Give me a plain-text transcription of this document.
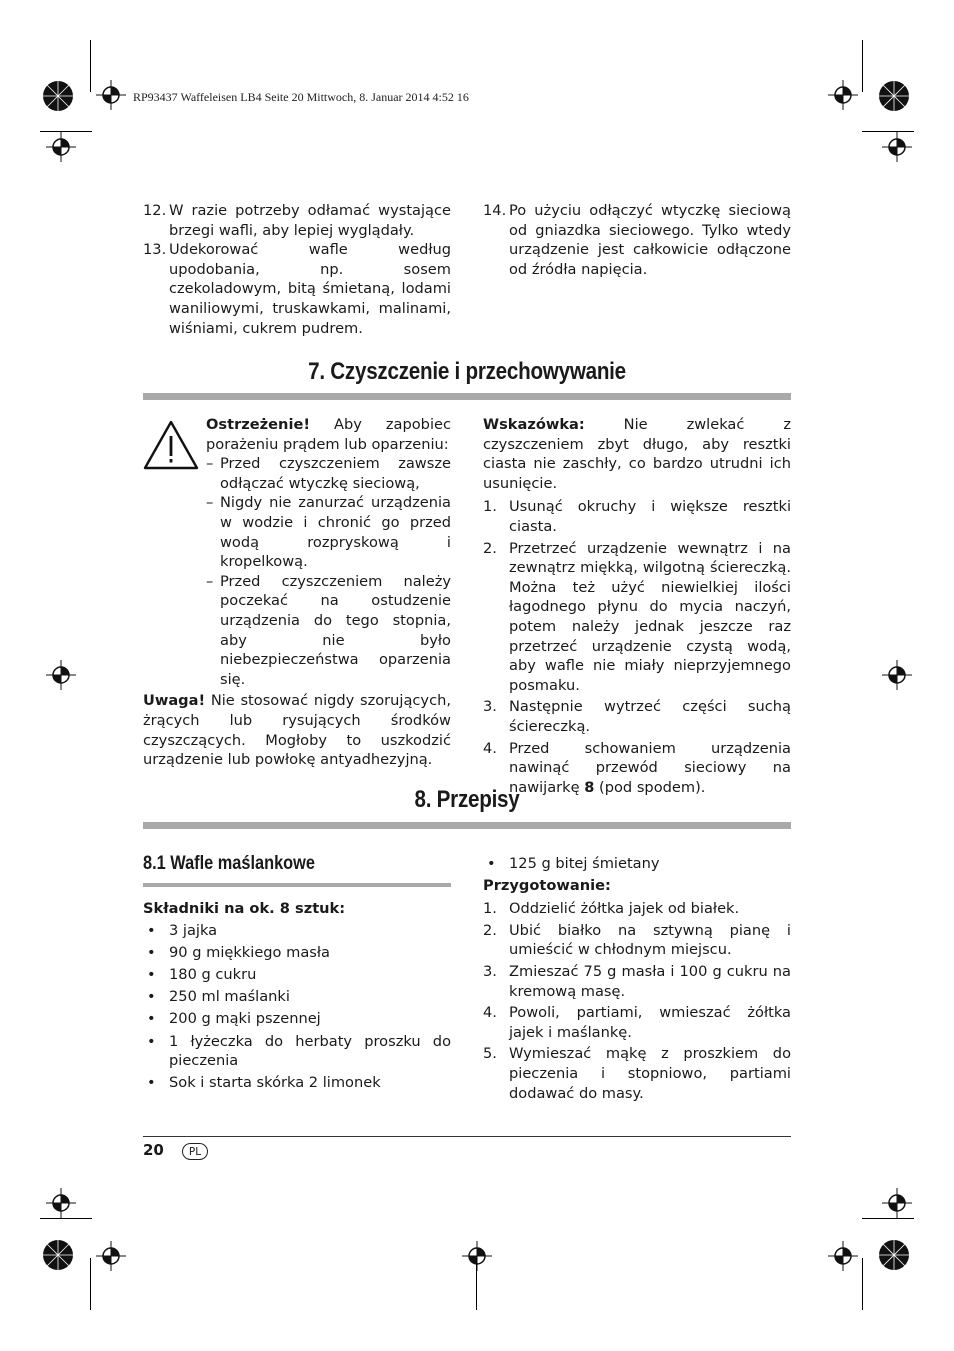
RP93437 Waffeleisen LB4 Seite 20 Mittwoch, 8. Januar 2014 4:52 16
12. W razie potrzeby odłamać wystające brzegi wafli, aby lepiej wyglądały.
13. Udekorować wafle według upodobania, np. sosem czekoladowym, bitą śmietaną, lodami waniliowymi, truskawkami, malinami, wiśniami, cukrem pudrem.
14. Po użyciu odłączyć wtyczkę sieciową od gniazdka sieciowego. Tylko wtedy urządzenie jest całkowicie odłączone od źródła napięcia.
7. Czyszczenie i przechowywanie

Ostrzeżenie! Aby zapobiec porażeniu prądem lub oparzeniu:

– Przed czyszczeniem zawsze odłączać wtyczkę sieciową,
– Nigdy nie zanurzać urządzenia w wodzie i chronić go przed wodą rozpryskową i kropelkową.
– Przed czyszczeniem należy poczekać na ostudzenie urządzenia do tego stopnia, aby nie było niebezpieczeństwa oparzenia się.

Uwaga! Nie stosować nigdy szorujących, żrących lub rysujących środków czyszczących. Mogłoby to uszkodzić urządzenie lub powłokę antyadhezyjną.

Wskazówka: Nie zwlekać z czyszczeniem zbyt długo, aby resztki ciasta nie zaschły, co bardzo utrudni ich usunięcie.

1. Usunąć okruchy i większe resztki ciasta.
2. Przetrzeć urządzenie wewnątrz i na zewnątrz miękką, wilgotną ściereczką. Można też użyć niewielkiej ilości łagodnego płynu do mycia naczyń, potem należy jednak jeszcze raz przetrzeć urządzenie czystą wodą, aby wafle nie miały nieprzyjemnego posmaku.
3. Następnie wytrzeć części suchą ściereczką.
4. Przed schowaniem urządzenia nawinąć przewód sieciowy na nawijarkę 8 (pod spodem).
8. Przepisy
8.1 Wafle maślankowe

Składniki na ok. 8 sztuk:

• 3 jajka
• 90 g miękkiego masła
• 180 g cukru
• 250 ml maślanki
• 200 g mąki pszennej
• 1 łyżeczka do herbaty proszku do pieczenia
• Sok i starta skórka 2 limonek
• 125 g bitej śmietany

Przygotowanie:

1. Oddzielić żółtka jajek od białek.
2. Ubić białko na sztywną pianę i umieścić w chłodnym miejscu.
3. Zmieszać 75 g masła i 100 g cukru na kremową masę.
4. Powoli, partiami, wmieszać żółtka jajek i maślankę.
5. Wymieszać mąkę z proszkiem do pieczenia i stopniowo, partiami dodawać do masy.
20	PL
